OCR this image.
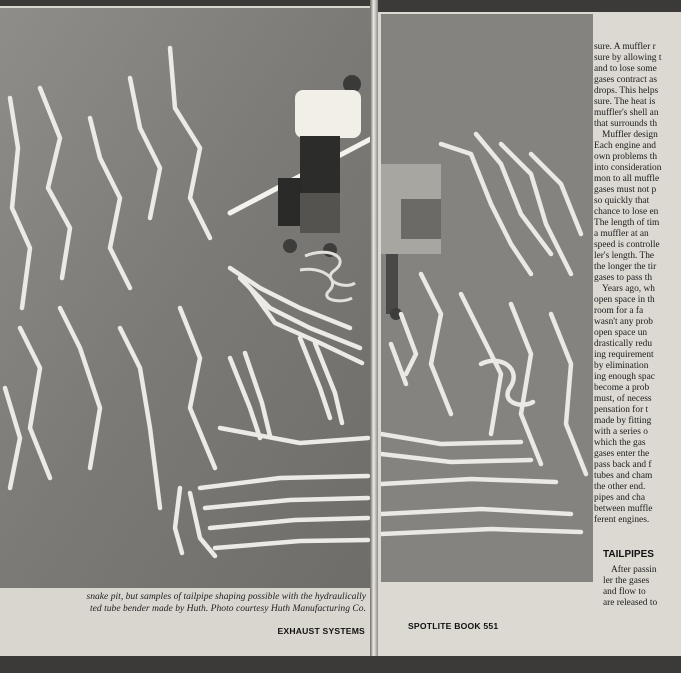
snake pit, but samples of tailpipe shaping possible with the hydraulically
ted tube bender made by Huth. Photo courtesy Huth Manufacturing Co.
EXHAUST SYSTEMS	SPOTLITE BOOK 551
sure. A muffler r
sure by allowing t
and to lose some
gases contract as
drops. This helps
sure. The heat is
muffler's shell an
that surrounds th
Muffler design
Each engine and
own problems th
into consideration
mon to all muffle
gases must not p
so quickly that
chance to lose en
The length of tim
a muffler at an
speed is controlle
ler's length. The
the longer the tir
gases to pass th
Years ago, wh
open space in th
room for a fa
wasn't any prob
open space un
drastically redu
ing requirement
by elimination
ing enough spac
become a prob
must, of necess
pensation for t
made by fitting
with a series o
which the gas
gases enter the
pass back and f
tubes and cham
the other end.
pipes and cha
between muffle
ferent engines.
TAILPIPES
After passin
ler the gases
and flow to
are released to
